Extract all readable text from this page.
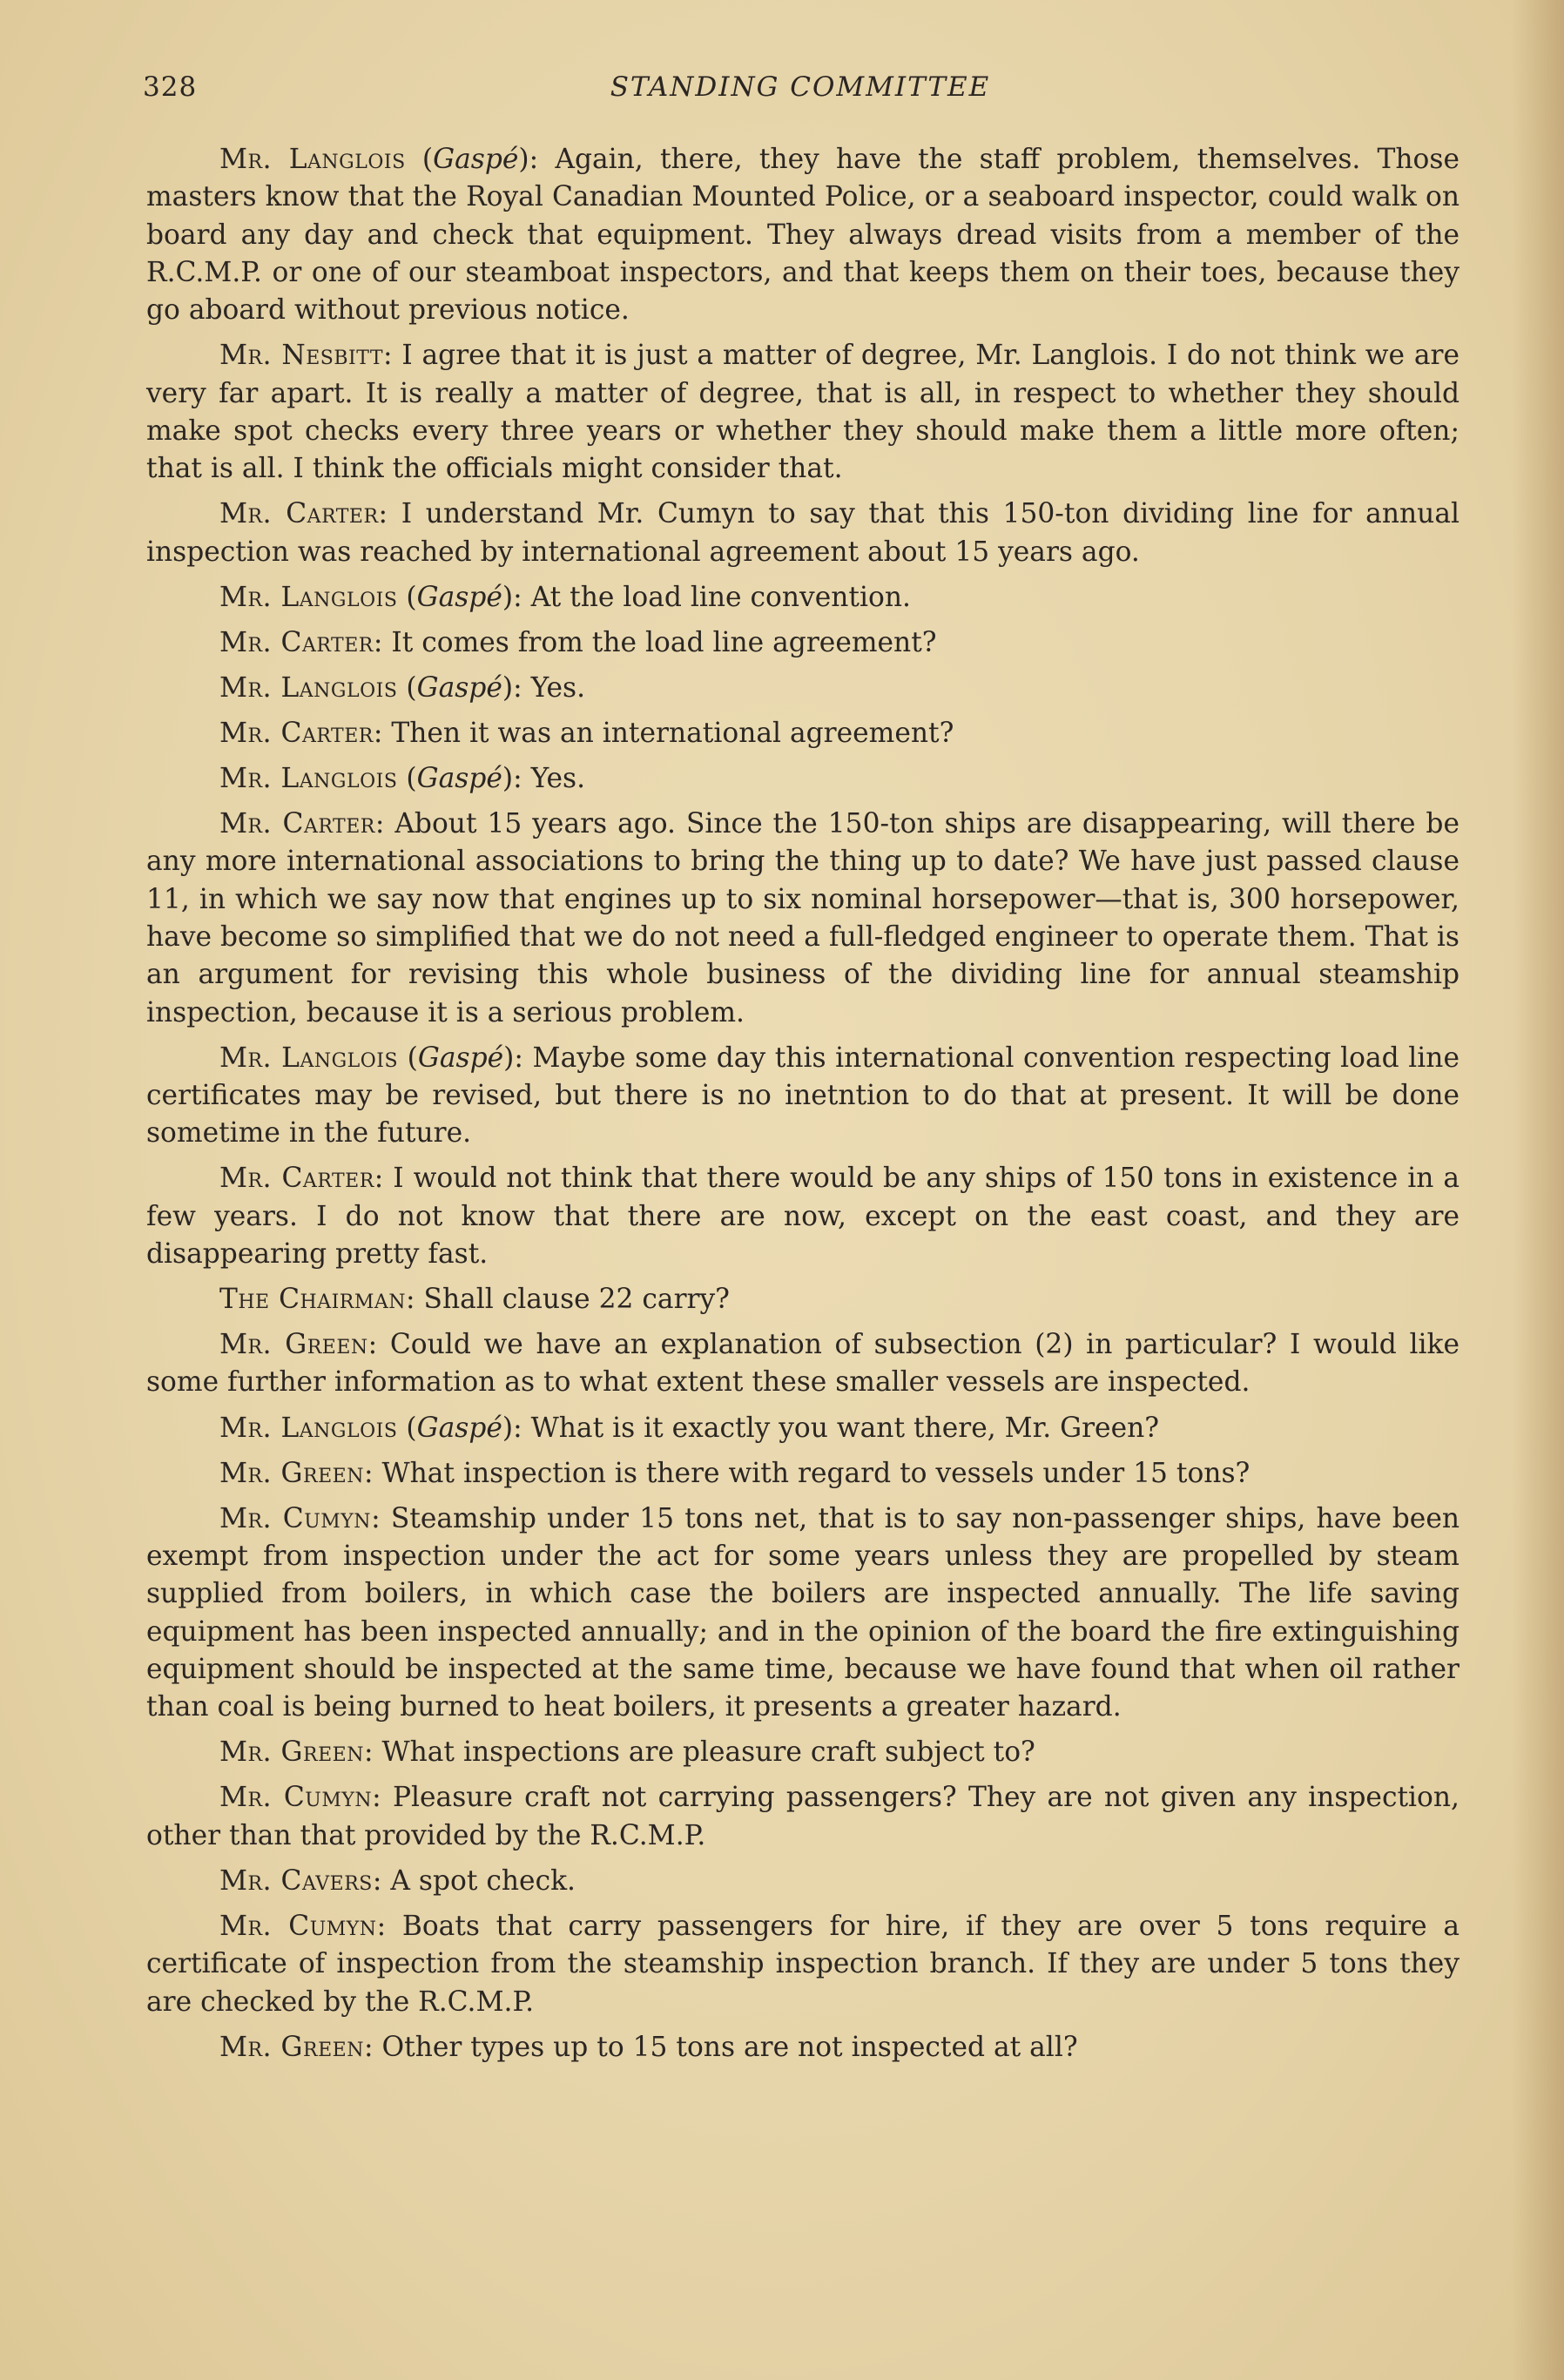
328	STANDING COMMITTEE

Mr. Langlois (Gaspé): Again, there, they have the staff problem, themselves. Those masters know that the Royal Canadian Mounted Police, or a seaboard inspector, could walk on board any day and check that equipment. They always dread visits from a member of the R.C.M.P. or one of our steamboat inspectors, and that keeps them on their toes, because they go aboard without previous notice.

Mr. Nesbitt: I agree that it is just a matter of degree, Mr. Langlois. I do not think we are very far apart. It is really a matter of degree, that is all, in respect to whether they should make spot checks every three years or whether they should make them a little more often; that is all. I think the officials might consider that.

Mr. Carter: I understand Mr. Cumyn to say that this 150-ton dividing line for annual inspection was reached by international agreement about 15 years ago.

Mr. Langlois (Gaspé): At the load line convention.

Mr. Carter: It comes from the load line agreement?

Mr. Langlois (Gaspé): Yes.

Mr. Carter: Then it was an international agreement?

Mr. Langlois (Gaspé): Yes.

Mr. Carter: About 15 years ago. Since the 150-ton ships are disappearing, will there be any more international associations to bring the thing up to date? We have just passed clause 11, in which we say now that engines up to six nominal horsepower—that is, 300 horsepower, have become so simplified that we do not need a full-fledged engineer to operate them. That is an argument for revising this whole business of the dividing line for annual steamship inspection, because it is a serious problem.

Mr. Langlois (Gaspé): Maybe some day this international convention respecting load line certificates may be revised, but there is no inetntion to do that at present. It will be done sometime in the future.

Mr. Carter: I would not think that there would be any ships of 150 tons in existence in a few years. I do not know that there are now, except on the east coast, and they are disappearing pretty fast.

The Chairman: Shall clause 22 carry?

Mr. Green: Could we have an explanation of subsection (2) in particular? I would like some further information as to what extent these smaller vessels are inspected.

Mr. Langlois (Gaspé): What is it exactly you want there, Mr. Green?

Mr. Green: What inspection is there with regard to vessels under 15 tons?

Mr. Cumyn: Steamship under 15 tons net, that is to say non-passenger ships, have been exempt from inspection under the act for some years unless they are propelled by steam supplied from boilers, in which case the boilers are inspected annually. The life saving equipment has been inspected annually; and in the opinion of the board the fire extinguishing equipment should be inspected at the same time, because we have found that when oil rather than coal is being burned to heat boilers, it presents a greater hazard.

Mr. Green: What inspections are pleasure craft subject to?

Mr. Cumyn: Pleasure craft not carrying passengers? They are not given any inspection, other than that provided by the R.C.M.P.

Mr. Cavers: A spot check.

Mr. Cumyn: Boats that carry passengers for hire, if they are over 5 tons require a certificate of inspection from the steamship inspection branch. If they are under 5 tons they are checked by the R.C.M.P.

Mr. Green: Other types up to 15 tons are not inspected at all?
